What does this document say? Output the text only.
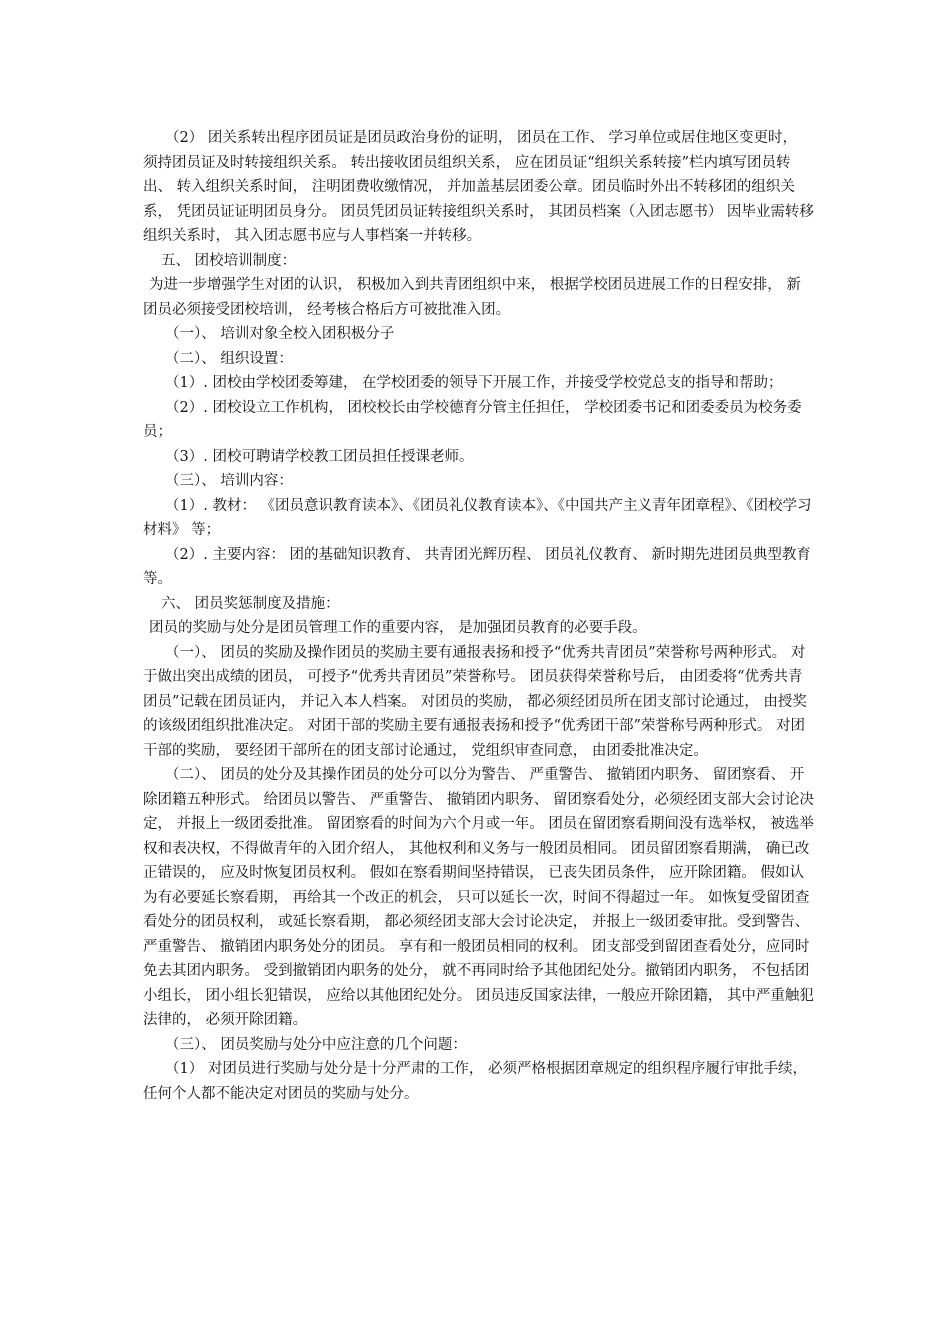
（2） 团关系转出程序团员证是团员政治身份的证明， 团员在工作、 学习单位或居住地区变更时， 须持团员证及时转接组织关系。 转出接收团员组织关系， 应在团员证“组织关系转接”栏内填写团员转出、 转入组织关系时间， 注明团费收缴情况， 并加盖基层团委公章。团员临时外出不转移团的组织关系， 凭团员证证明团员身分。 团员凭团员证转接组织关系时， 其团员档案（入团志愿书） 因毕业需转移组织关系时， 其入团志愿书应与人事档案一并转移。

五、 团校培训制度：

为进一步增强学生对团的认识， 积极加入到共青团组织中来， 根据学校团员进展工作的日程安排， 新团员必须接受团校培训， 经考核合格后方可被批准入团。

（一）、 培训对象全校入团积极分子

（二）、 组织设置：

（1）. 团校由学校团委筹建， 在学校团委的领导下开展工作，并接受学校党总支的指导和帮助；

（2）. 团校设立工作机构， 团校校长由学校德育分管主任担任， 学校团委书记和团委委员为校务委员；

（3）. 团校可聘请学校教工团员担任授课老师。

（三）、 培训内容：

（1）. 教材： 《团员意识教育读本》、《团员礼仪教育读本》、《中国共产主义青年团章程》、《团校学习材料》 等；

（2）. 主要内容： 团的基础知识教育、 共青团光辉历程、 团员礼仪教育、 新时期先进团员典型教育等。

六、 团员奖惩制度及措施：

团员的奖励与处分是团员管理工作的重要内容， 是加强团员教育的必要手段。

（一）、 团员的奖励及操作团员的奖励主要有通报表扬和授予“优秀共青团员”荣誉称号两种形式。 对于做出突出成绩的团员， 可授予“优秀共青团员”荣誉称号。 团员获得荣誉称号后， 由团委将“优秀共青团员”记载在团员证内， 并记入本人档案。 对团员的奖励， 都必须经团员所在团支部讨论通过， 由授奖的该级团组织批准决定。 对团干部的奖励主要有通报表扬和授予“优秀团干部”荣誉称号两种形式。 对团干部的奖励， 要经团干部所在的团支部讨论通过， 党组织审查同意， 由团委批准决定。

（二）、 团员的处分及其操作团员的处分可以分为警告、 严重警告、 撤销团内职务、 留团察看、 开除团籍五种形式。 给团员以警告、 严重警告、 撤销团内职务、 留团察看处分，必须经团支部大会讨论决定， 并报上一级团委批准。 留团察看的时间为六个月或一年。 团员在留团察看期间没有选举权， 被选举权和表决权，不得做青年的入团介绍人， 其他权利和义务与一般团员相同。 团员留团察看期满， 确已改正错误的， 应及时恢复团员权利。 假如在察看期间坚持错误， 已丧失团员条件， 应开除团籍。 假如认为有必要延长察看期， 再给其一个改正的机会， 只可以延长一次，时间不得超过一年。 如恢复受留团查看处分的团员权利， 或延长察看期， 都必须经团支部大会讨论决定， 并报上一级团委审批。受到警告、 严重警告、 撤销团内职务处分的团员。 享有和一般团员相同的权利。 团支部受到留团查看处分，应同时免去其团内职务。 受到撤销团内职务的处分， 就不再同时给予其他团纪处分。撤销团内职务， 不包括团小组长， 团小组长犯错误， 应给以其他团纪处分。 团员违反国家法律，一般应开除团籍， 其中严重触犯法律的， 必须开除团籍。

（三）、 团员奖励与处分中应注意的几个问题：

（1） 对团员进行奖励与处分是十分严肃的工作， 必须严格根据团章规定的组织程序履行审批手续， 任何个人都不能决定对团员的奖励与处分。
